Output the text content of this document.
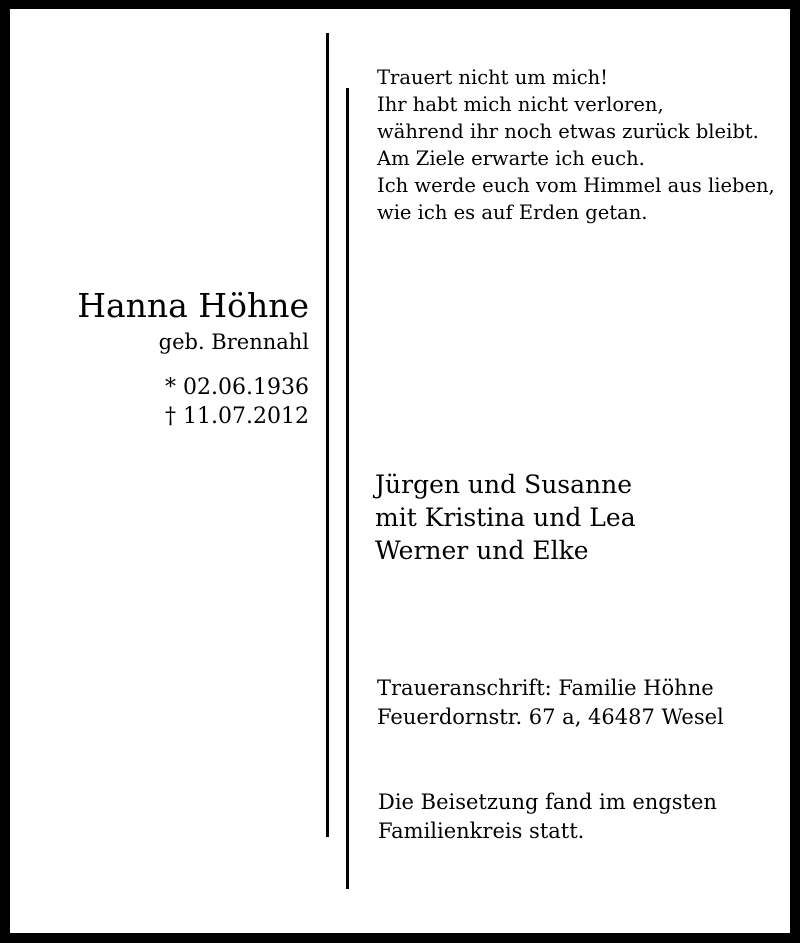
Trauert nicht um mich!
Ihr habt mich nicht verloren,
während ihr noch etwas zurück bleibt.
Am Ziele erwarte ich euch.
Ich werde euch vom Himmel aus lieben,
wie ich es auf Erden getan.
Hanna Höhne
geb. Brennahl
* 02.06.1936
† 11.07.2012
Jürgen und Susanne
mit Kristina und Lea
Werner und Elke
Traueranschrift: Familie Höhne
Feuerdornstr. 67 a, 46487 Wesel
Die Beisetzung fand im engsten
Familienkreis statt.
